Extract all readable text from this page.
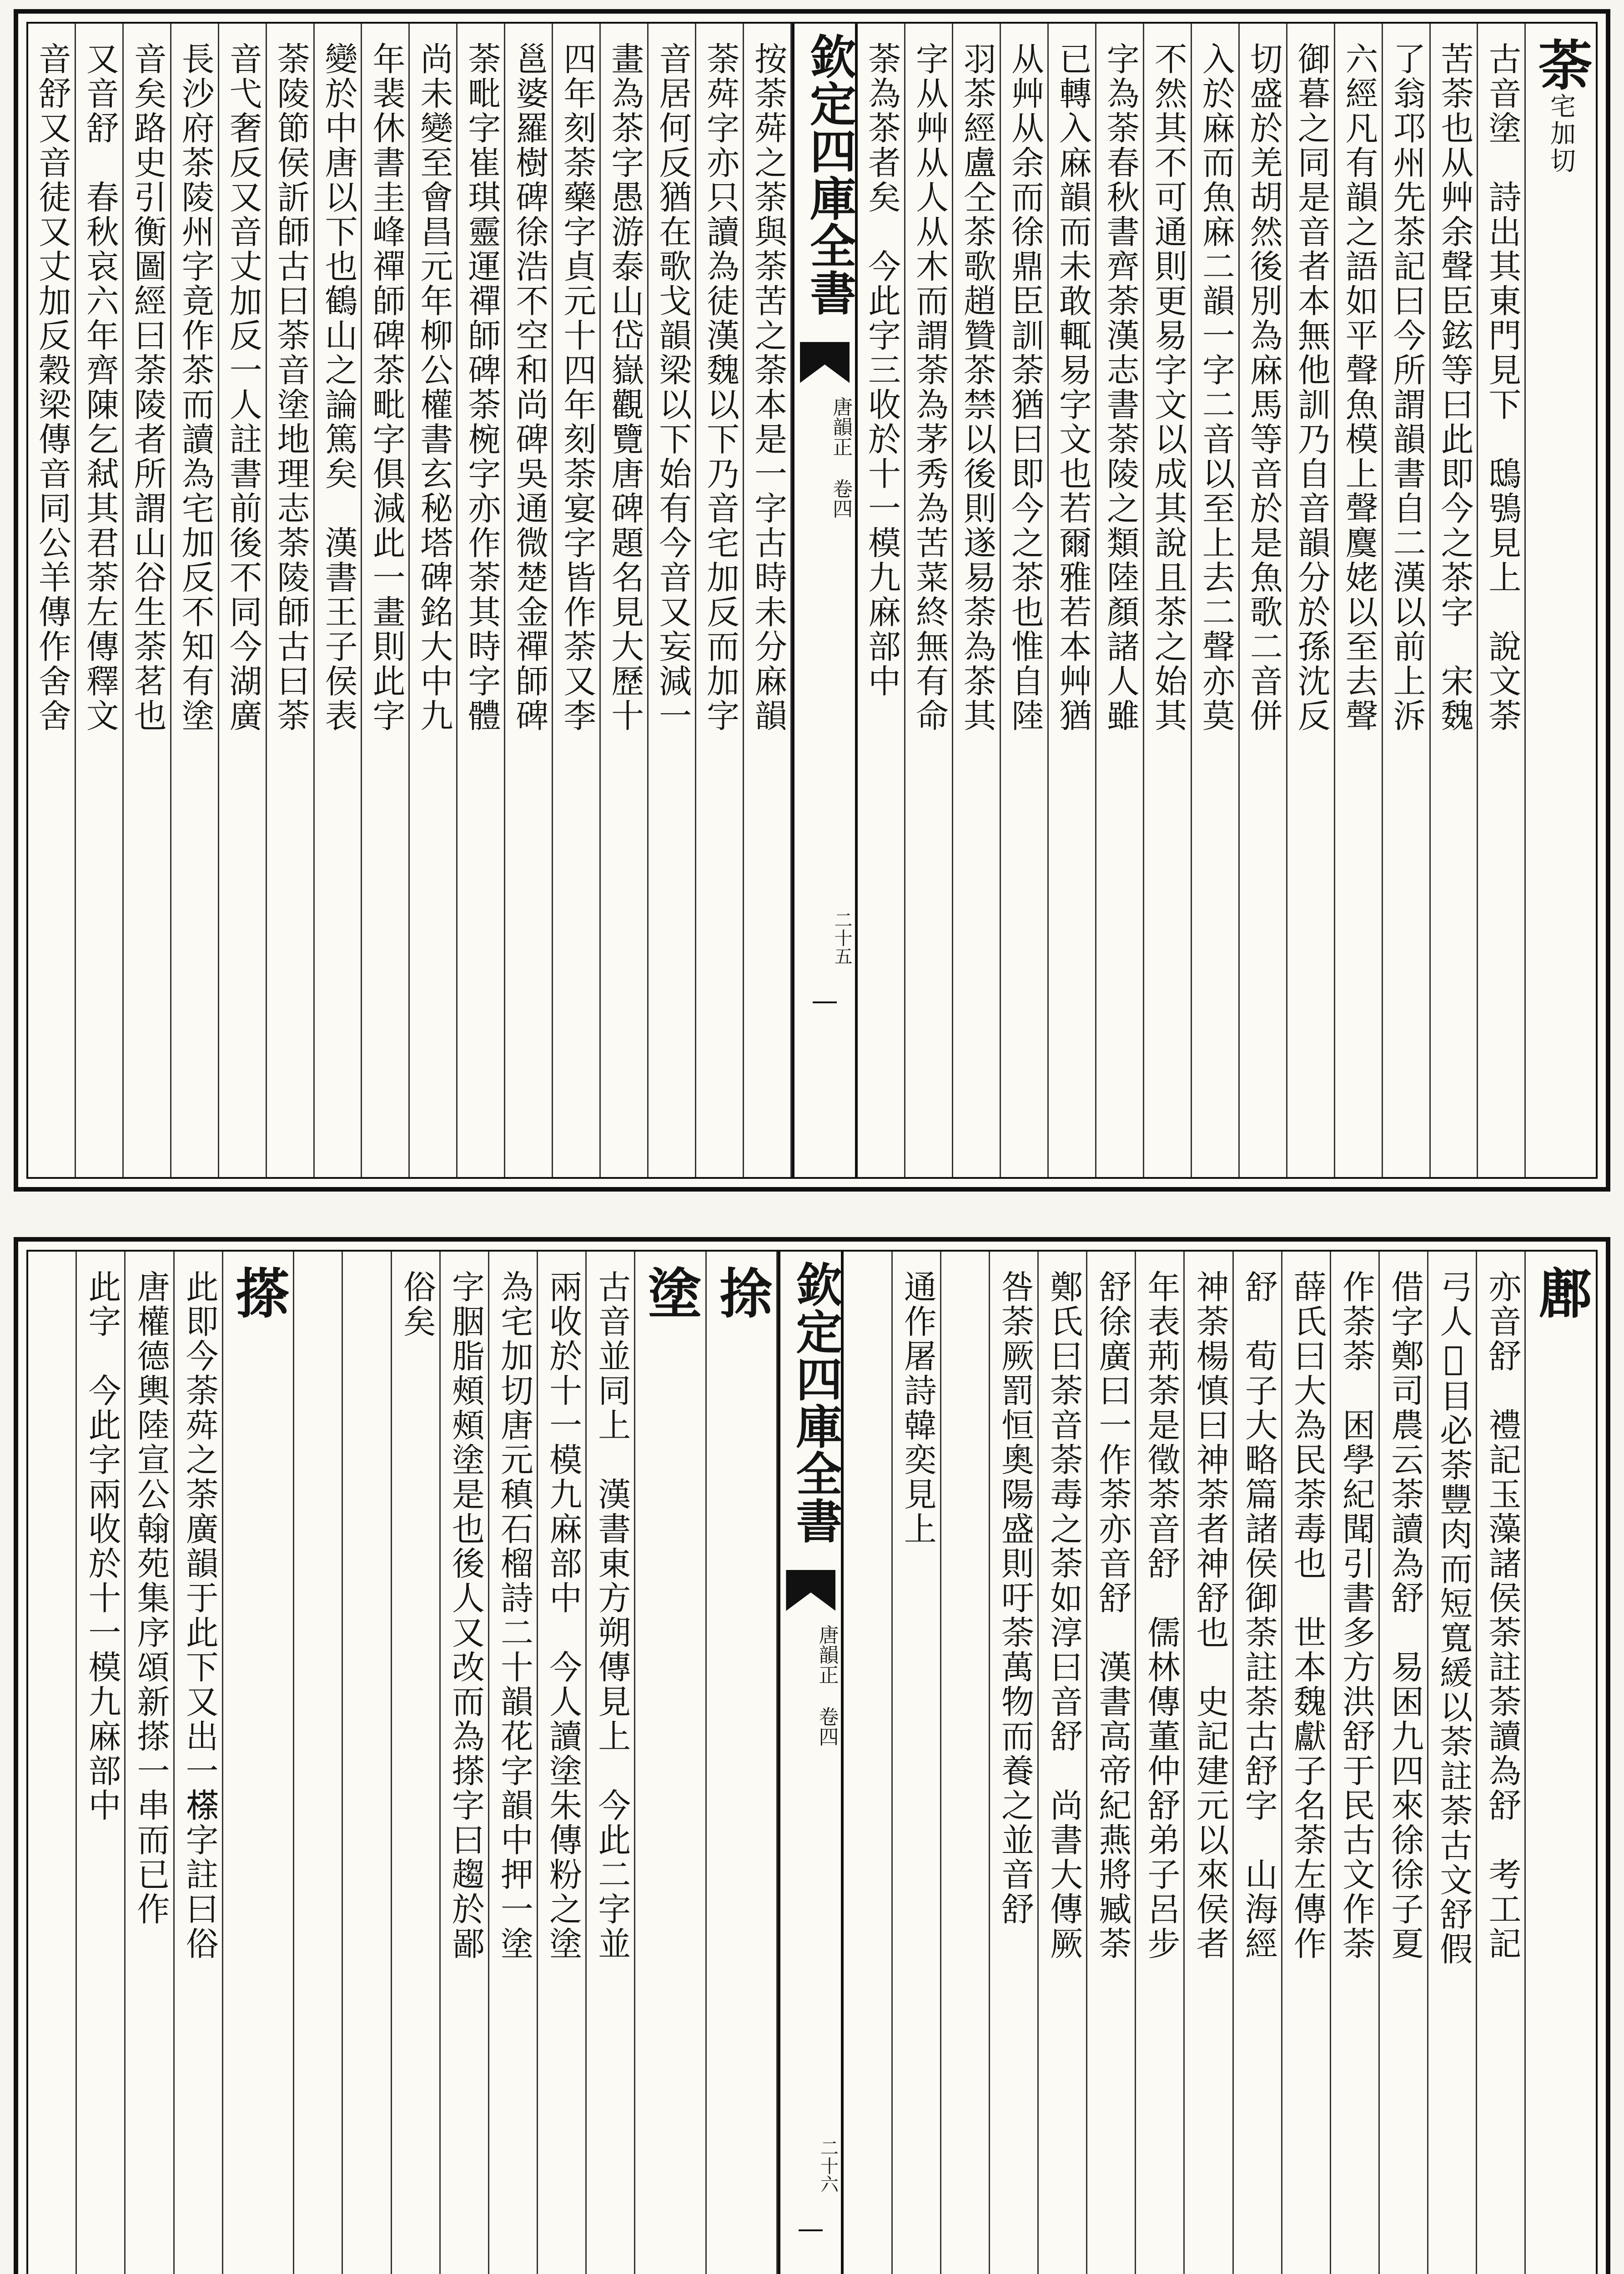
荼宅加切
古音塗　詩出其東門見下　鴟鴞見上　說文荼
苦荼也从艸余聲臣鉉等曰此即今之茶字　宋魏
了翁邛州先茶記曰今所謂韻書自二漢以前上泝
六經凡有韻之語如平聲魚模上聲麌姥以至去聲
御暮之同是音者本無他訓乃自音韻分於孫沈反
切盛於羌胡然後別為麻馬等音於是魚歌二音併
入於麻而魚麻二韻一字二音以至上去二聲亦莫
不然其不可通則更易字文以成其說且茶之始其
字為荼春秋書齊荼漢志書荼陵之類陸顏諸人雖
已轉入麻韻而未敢輒易字文也若爾雅若本艸猶
从艸从余而徐鼎臣訓荼猶曰即今之茶也惟自陸
羽茶經盧仝茶歌趙贊茶禁以後則遂易荼為茶其
字从艸从人从木而謂荼為茅秀為苦菜終無有命
荼為茶者矣　今此字三收於十一模九麻部中
欽定四庫全書
唐韻正
卷四
二十五
按荼荈之荼與荼苦之荼本是一字古時未分麻韻
荼荈字亦只讀為徒漢魏以下乃音宅加反而加字
音居何反猶在歌戈韻梁以下始有今音又妄減一
畫為茶字愚游泰山岱嶽觀覽唐碑題名見大歷十
四年刻荼藥字貞元十四年刻荼宴字皆作荼又李
邕婆羅樹碑徐浩不空和尚碑吳通微楚金禪師碑
荼毗字崔琪靈運禪師碑荼椀字亦作荼其時字體
尚未變至會昌元年柳公權書玄秘塔碑銘大中九
年裴休書圭峰禪師碑茶毗字俱減此一畫則此字
變於中唐以下也鶴山之論篤矣　漢書王子侯表
荼陵節侯訢師古曰荼音塗地理志荼陵師古曰荼
音弋奢反又音丈加反一人註書前後不同今湖廣
長沙府茶陵州字竟作茶而讀為宅加反不知有塗
音矣路史引衡圖經曰荼陵者所謂山谷生荼茗也
又音舒　春秋哀六年齊陳乞弒其君荼左傳釋文
音舒又音徒又丈加反穀梁傳音同公羊傳作舍舍
鄌
亦音舒　禮記玉藻諸侯荼註荼讀為舒　考工記
弓人𨄢目必荼豐肉而短寬緩以荼註荼古文舒假
借字鄭司農云荼讀為舒　易困九四來徐徐子夏
作荼荼　困學紀聞引書多方洪舒于民古文作荼
薛氏曰大為民荼毒也　世本魏獻子名荼左傳作
舒　荀子大略篇諸侯御荼註荼古舒字　山海經
神荼楊慎曰神荼者神舒也　史記建元以來侯者
年表荊荼是徵荼音舒　儒林傳董仲舒弟子呂步
舒徐廣曰一作荼亦音舒　漢書高帝紀燕將臧荼
鄭氏曰荼音荼毒之荼如淳曰音舒　尚書大傳厥
咎荼厥罰恒奧陽盛則吁荼萬物而養之並音舒
通作屠詩韓奕見上
欽定四庫全書
唐韻正
卷四
二十六
捈
塗
古音並同上　漢書東方朔傳見上　今此二字並
兩收於十一模九麻部中　今人讀塗朱傳粉之塗
為宅加切唐元稹石榴詩二十韻花字韻中押一塗
字胭脂頰頰塗是也後人又改而為搽字曰趨於鄙
俗矣
搽
此即今荼荈之荼廣韻于此下又出一𣘻字註曰俗
唐權德輿陸宣公翰苑集序頌新搽一串而已作
此字　今此字兩收於十一模九麻部中
